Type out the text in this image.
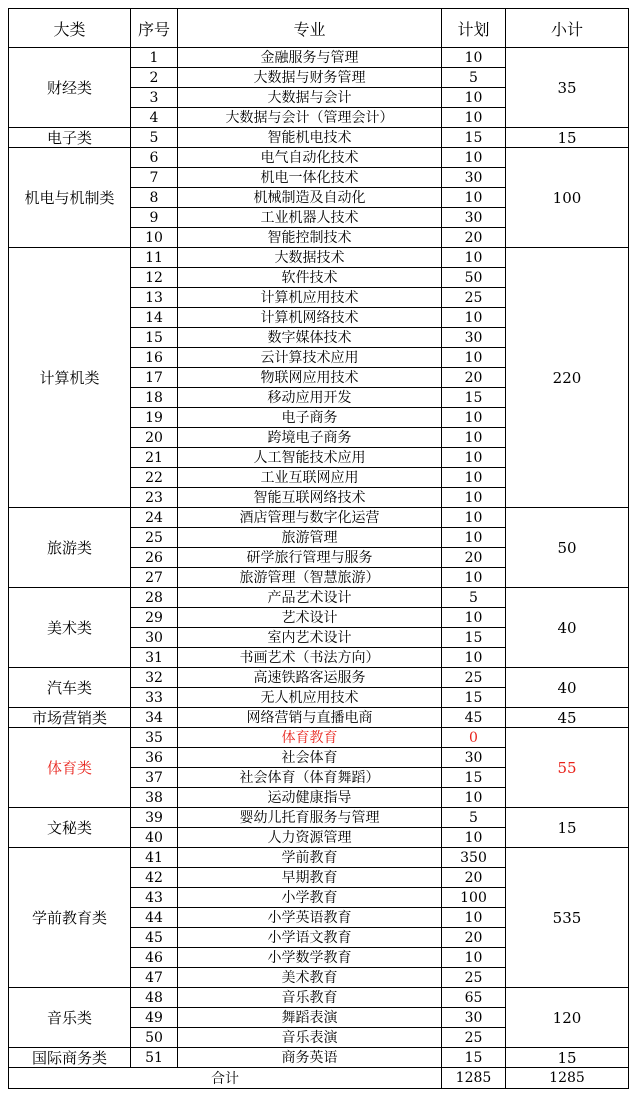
大类	序号	专业	计划	小计
财经类	1	金融服务与管理	10	35
	2	大数据与财务管理	5	
	3	大数据与会计	10	
	4	大数据与会计（管理会计）	10	
电子类	5	智能机电技术	15	15
机电与机制类	6	电气自动化技术	10	100
	7	机电一体化技术	30	
	8	机械制造及自动化	10	
	9	工业机器人技术	30	
	10	智能控制技术	20	
计算机类	11	大数据技术	10	220
	12	软件技术	50	
	13	计算机应用技术	25	
	14	计算机网络技术	10	
	15	数字媒体技术	30	
	16	云计算技术应用	10	
	17	物联网应用技术	20	
	18	移动应用开发	15	
	19	电子商务	10	
	20	跨境电子商务	10	
	21	人工智能技术应用	10	
	22	工业互联网应用	10	
	23	智能互联网络技术	10	
旅游类	24	酒店管理与数字化运营	10	50
	25	旅游管理	10	
	26	研学旅行管理与服务	20	
	27	旅游管理（智慧旅游）	10	
美术类	28	产品艺术设计	5	40
	29	艺术设计	10	
	30	室内艺术设计	15	
	31	书画艺术（书法方向）	10	
汽车类	32	高速铁路客运服务	25	40
	33	无人机应用技术	15	
市场营销类	34	网络营销与直播电商	45	45
体育类	35	体育教育	0	55
	36	社会体育	30	
	37	社会体育（体育舞蹈）	15	
	38	运动健康指导	10	
文秘类	39	婴幼儿托育服务与管理	5	15
	40	人力资源管理	10	
学前教育类	41	学前教育	350	535
	42	早期教育	20	
	43	小学教育	100	
	44	小学英语教育	10	
	45	小学语文教育	20	
	46	小学数学教育	10	
	47	美术教育	25	
音乐类	48	音乐教育	65	120
	49	舞蹈表演	30	
	50	音乐表演	25	
国际商务类	51	商务英语	15	15
合计			1285	1285
